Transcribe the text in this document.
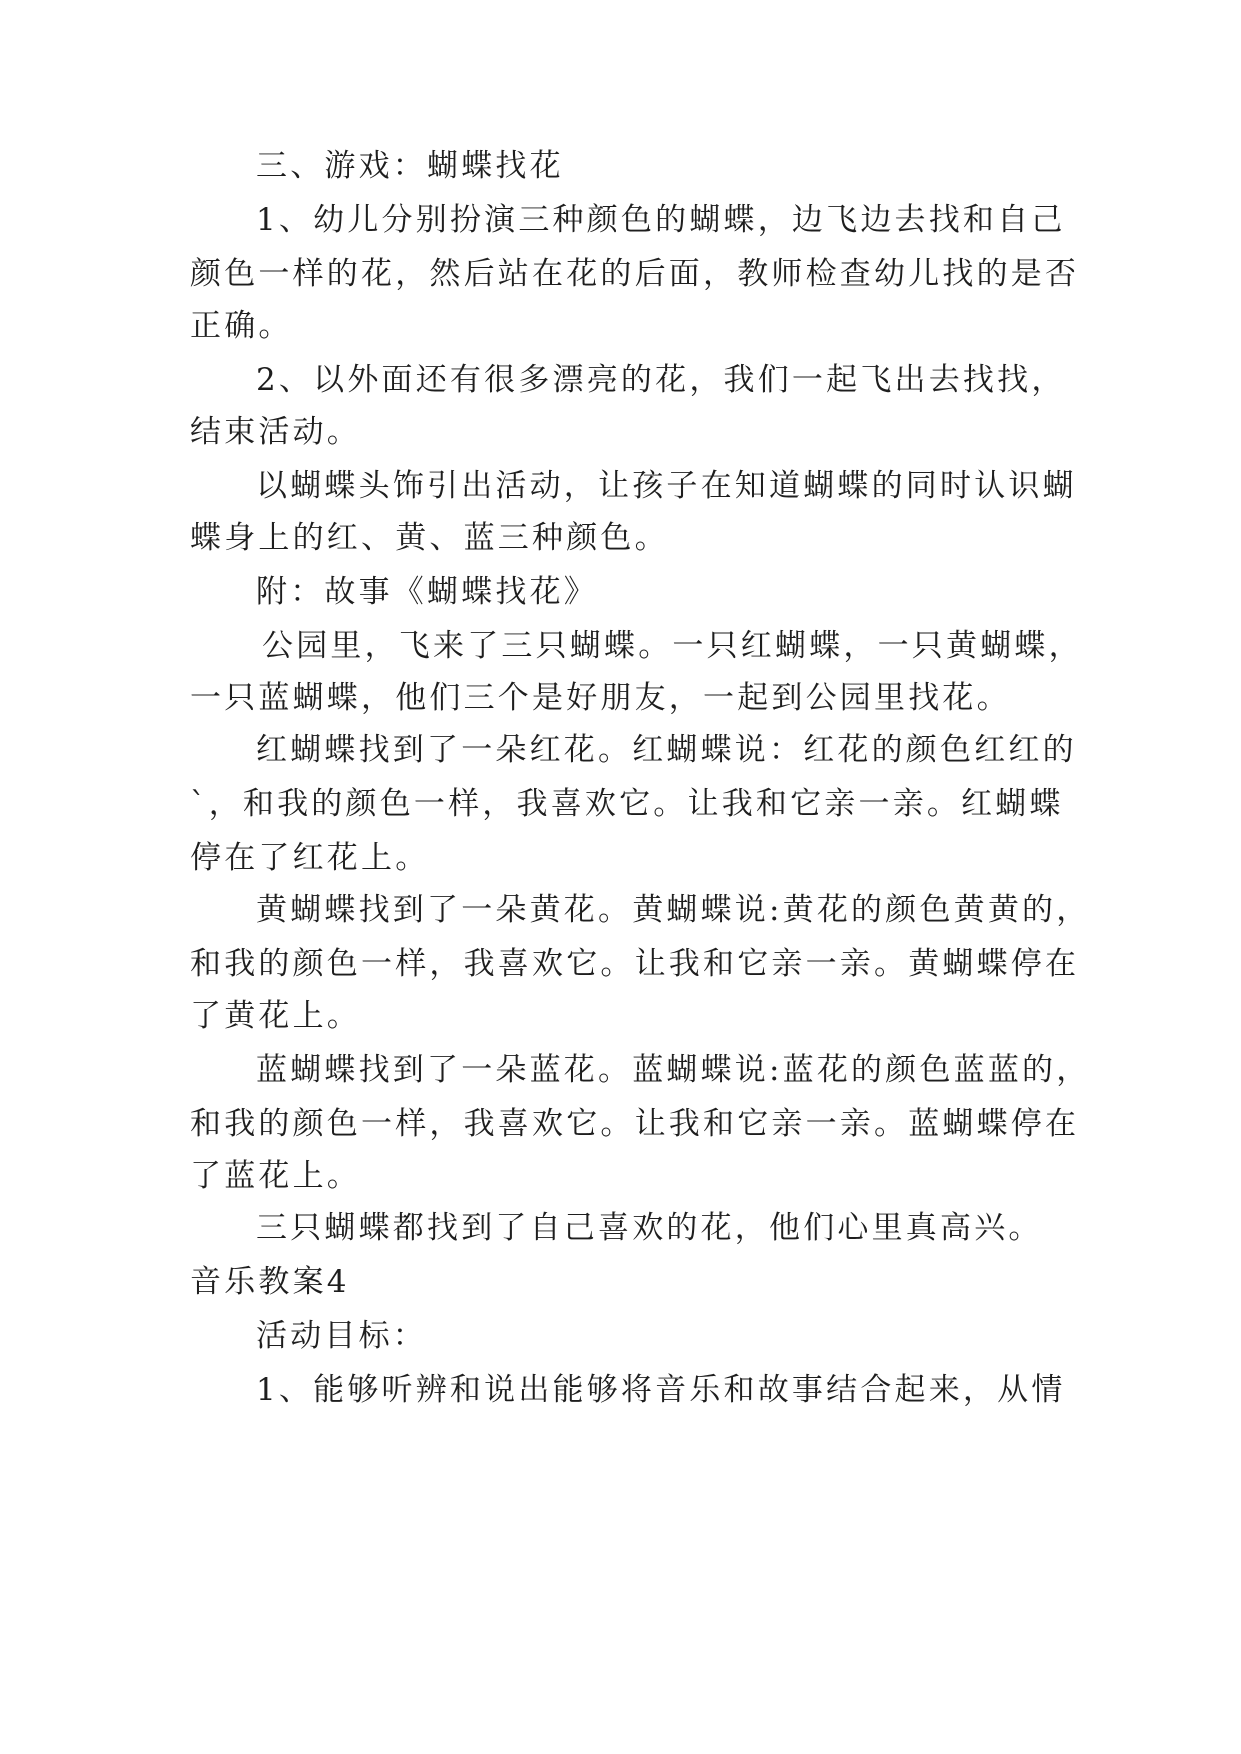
三、游戏：蝴蝶找花
1、幼儿分别扮演三种颜色的蝴蝶，边飞边去找和自己
颜色一样的花，然后站在花的后面，教师检查幼儿找的是否
正确。
2、以外面还有很多漂亮的花，我们一起飞出去找找，
结束活动。
以蝴蝶头饰引出活动，让孩子在知道蝴蝶的同时认识蝴
蝶身上的红、黄、蓝三种颜色。
附：故事《蝴蝶找花》
公园里，飞来了三只蝴蝶。一只红蝴蝶，一只黄蝴蝶，
一只蓝蝴蝶，他们三个是好朋友，一起到公园里找花。
红蝴蝶找到了一朵红花。红蝴蝶说：红花的颜色红红的
`，和我的颜色一样，我喜欢它。让我和它亲一亲。红蝴蝶
停在了红花上。
黄蝴蝶找到了一朵黄花。黄蝴蝶说:黄花的颜色黄黄的，
和我的颜色一样，我喜欢它。让我和它亲一亲。黄蝴蝶停在
了黄花上。
蓝蝴蝶找到了一朵蓝花。蓝蝴蝶说:蓝花的颜色蓝蓝的，
和我的颜色一样，我喜欢它。让我和它亲一亲。蓝蝴蝶停在
了蓝花上。
三只蝴蝶都找到了自己喜欢的花，他们心里真高兴。
音乐教案4
活动目标：
1、能够听辨和说出能够将音乐和故事结合起来，从情
